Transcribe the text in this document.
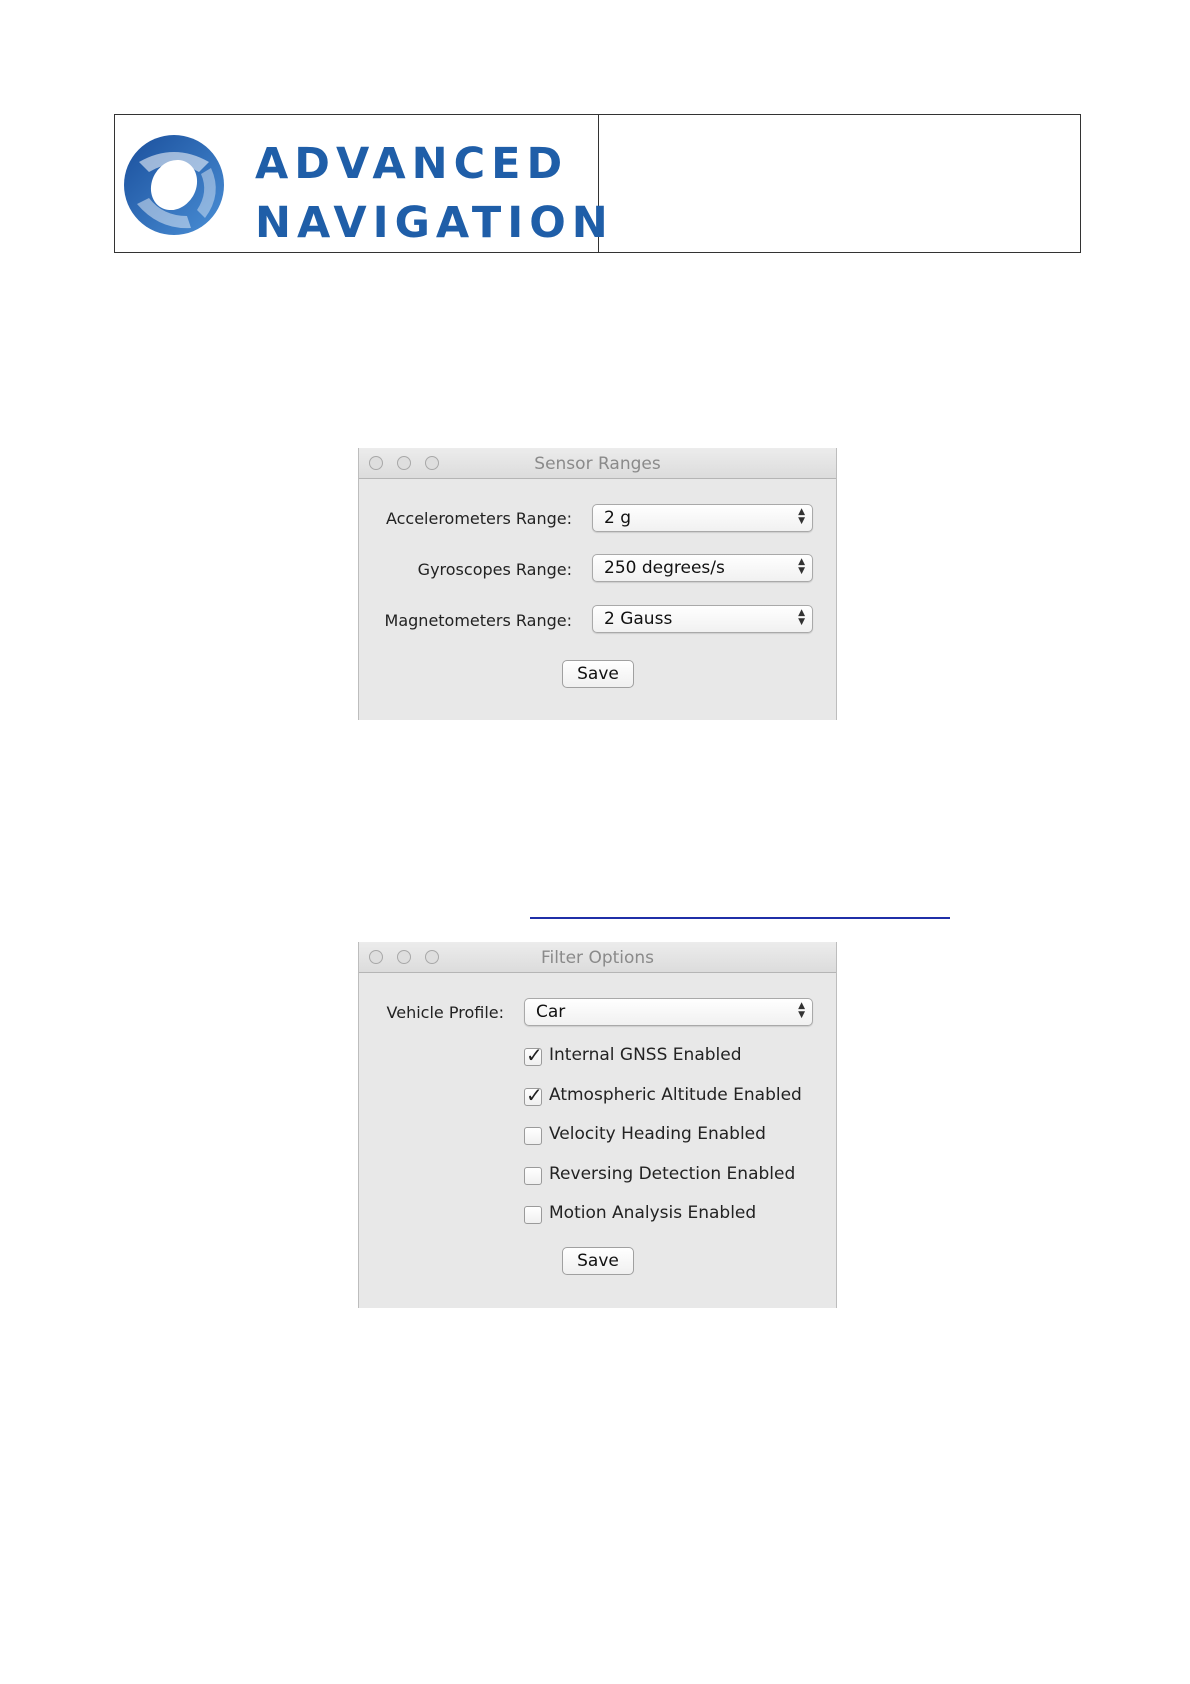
ADVANCED
NAVIGATION
Sensor Ranges
Accelerometers Range: 2 g	▲
▼
Gyroscopes Range: 250 degrees/s	▲
▼
Magnetometers Range: 2 Gauss	▲
▼
Save
Filter Options
Vehicle Profile: Car	▲
▼
✓ Internal GNSS Enabled
✓ Atmospheric Altitude Enabled
Velocity Heading Enabled
Reversing Detection Enabled
Motion Analysis Enabled
Save
